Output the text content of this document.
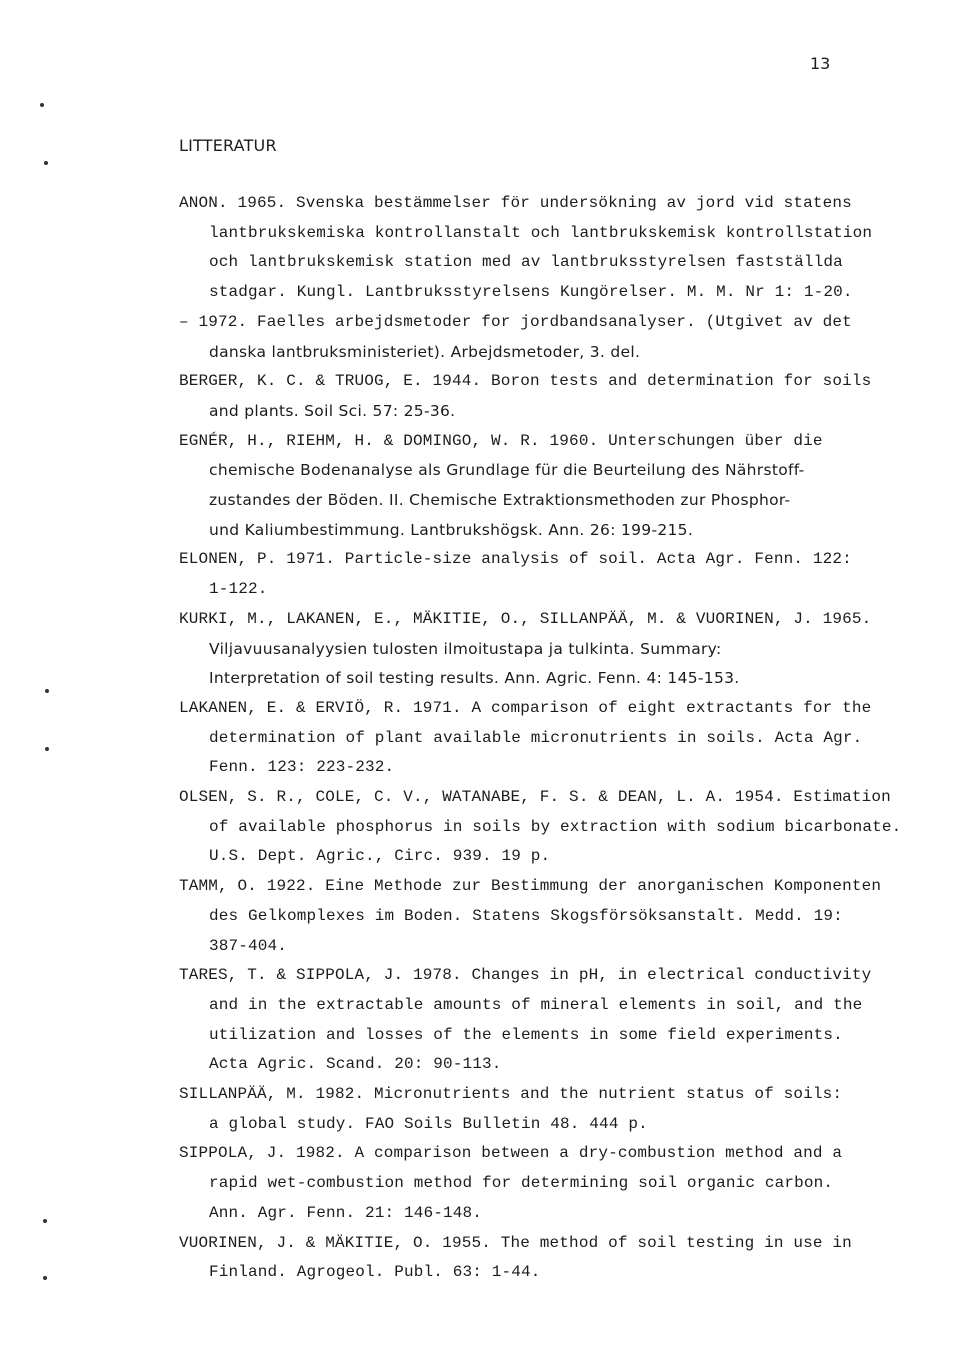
13
LITTERATUR
ANON. 1965. Svenska bestämmelser för undersökning av jord vid statens
lantbrukskemiska kontrollanstalt och lantbrukskemisk kontrollstation
och lantbrukskemisk station med av lantbruksstyrelsen fastställda
stadgar. Kungl. Lantbruksstyrelsens Kungörelser. M. M. Nr 1: 1-20.
– 1972. Faelles arbejdsmetoder for jordbandsanalyser. (Utgivet av det
danska lantbruksministeriet). Arbejdsmetoder, 3. del.
BERGER, K. C. & TRUOG, E. 1944. Boron tests and determination for soils
and plants. Soil Sci. 57: 25-36.
EGNÉR, H., RIEHM, H. & DOMINGO, W. R. 1960. Unterschungen über die
chemische Bodenanalyse als Grundlage für die Beurteilung des Nährstoff-
zustandes der Böden. II. Chemische Extraktionsmethoden zur Phosphor-
und Kaliumbestimmung. Lantbrukshögsk. Ann. 26: 199-215.
ELONEN, P. 1971. Particle-size analysis of soil. Acta Agr. Fenn. 122:
1-122.
KURKI, M., LAKANEN, E., MÄKITIE, O., SILLANPÄÄ, M. & VUORINEN, J. 1965.
Viljavuusanalyysien tulosten ilmoitustapa ja tulkinta. Summary:
Interpretation of soil testing results. Ann. Agric. Fenn. 4: 145-153.
LAKANEN, E. & ERVIÖ, R. 1971. A comparison of eight extractants for the
determination of plant available micronutrients in soils. Acta Agr.
Fenn. 123: 223-232.
OLSEN, S. R., COLE, C. V., WATANABE, F. S. & DEAN, L. A. 1954. Estimation
of available phosphorus in soils by extraction with sodium bicarbonate.
U.S. Dept. Agric., Circ. 939. 19 p.
TAMM, O. 1922. Eine Methode zur Bestimmung der anorganischen Komponenten
des Gelkomplexes im Boden. Statens Skogsförsöksanstalt. Medd. 19:
387-404.
TARES, T. & SIPPOLA, J. 1978. Changes in pH, in electrical conductivity
and in the extractable amounts of mineral elements in soil, and the
utilization and losses of the elements in some field experiments.
Acta Agric. Scand. 20: 90-113.
SILLANPÄÄ, M. 1982. Micronutrients and the nutrient status of soils:
a global study. FAO Soils Bulletin 48. 444 p.
SIPPOLA, J. 1982. A comparison between a dry-combustion method and a
rapid wet-combustion method for determining soil organic carbon.
Ann. Agr. Fenn. 21: 146-148.
VUORINEN, J. & MÄKITIE, O. 1955. The method of soil testing in use in
Finland. Agrogeol. Publ. 63: 1-44.
